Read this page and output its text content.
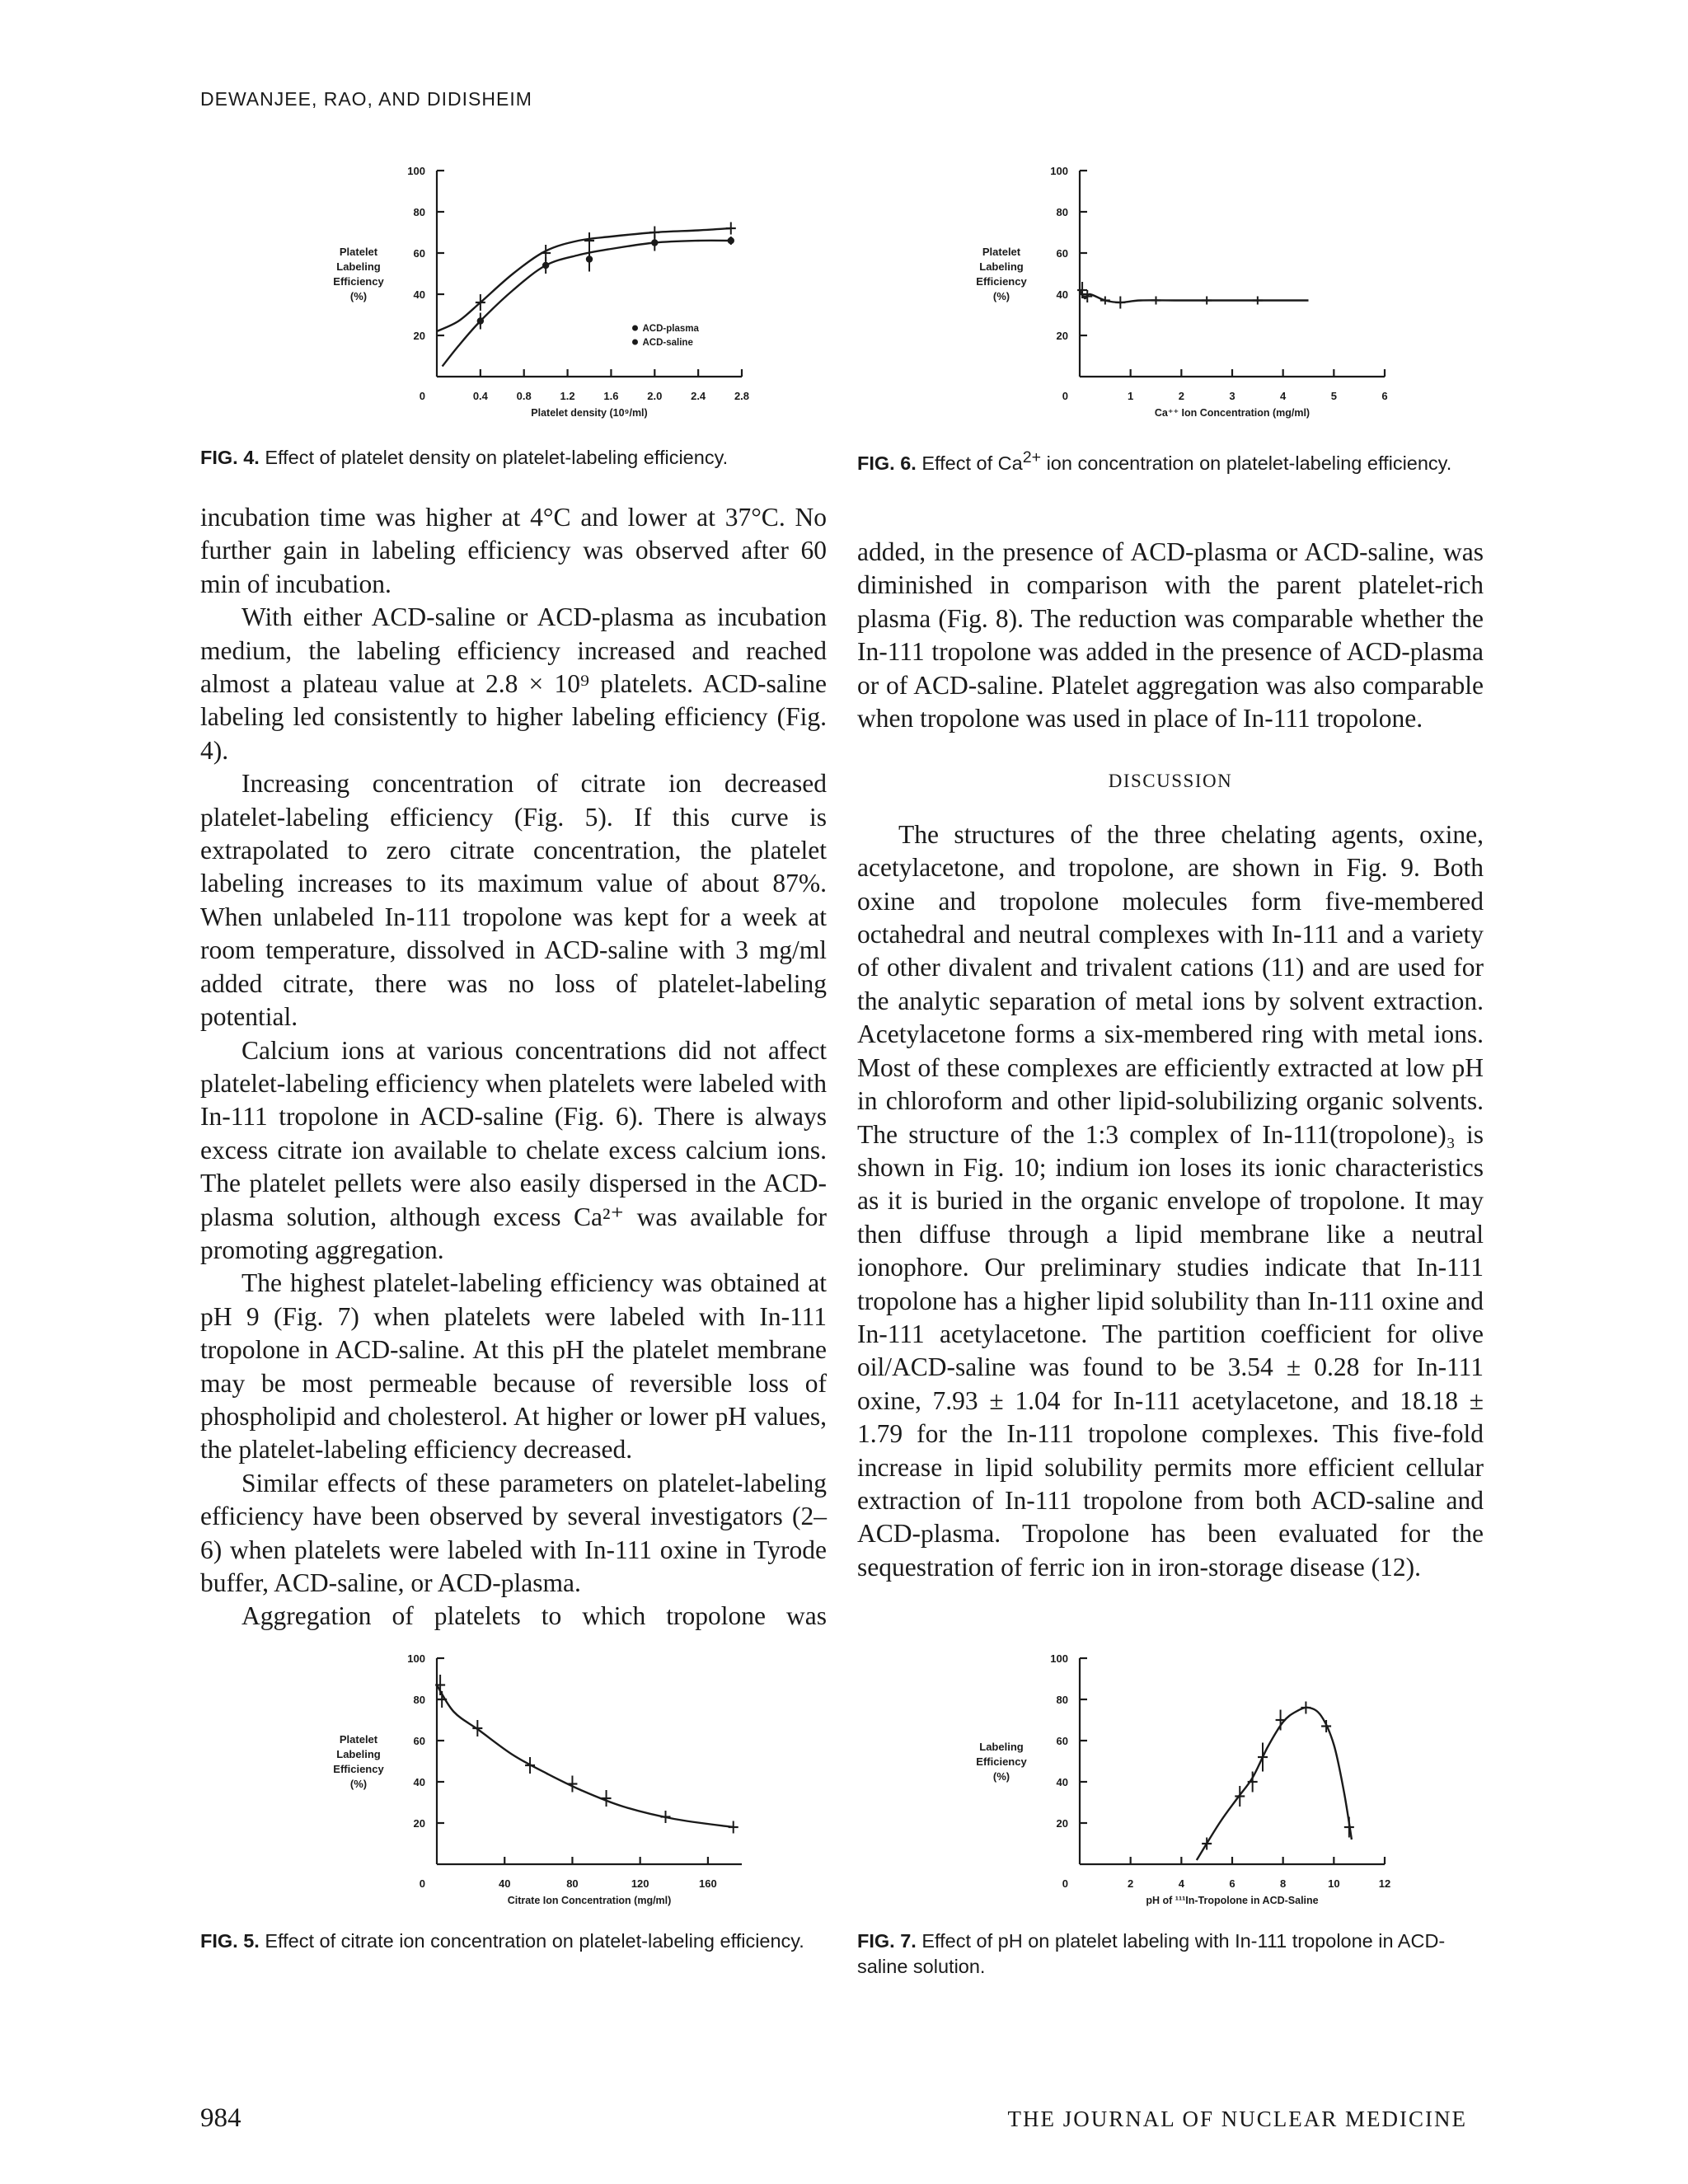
DEWANJEE, RAO, AND DIDISHEIM
20
40
60
80
100
0	0.4	0.8	1.2	1.6	2.0	2.4	2.8
Platelet density (10⁹/ml)
Platelet
Labeling
Efficiency
(%)
ACD-plasma
ACD-saline
FIG. 4. Effect of platelet density on platelet-labeling efficiency.
20
40
60
80
100
0	1	2	3	4	5	6
Ca⁺⁺ Ion Concentration (mg/ml)
Platelet
Labeling
Efficiency
(%)
FIG. 6. Effect of $Ca^{2+}$ ion concentration on platelet-labeling efficiency.

incubation time was higher at 4°C and lower at 37°C. No further gain in labeling efficiency was observed after 60 min of incubation.

With either ACD-saline or ACD-plasma as incubation medium, the labeling efficiency increased and reached almost a plateau value at 2.8 × 10⁹ platelets. ACD-saline labeling led consistently to higher labeling efficiency (Fig. 4).

Increasing concentration of citrate ion decreased platelet-labeling efficiency (Fig. 5). If this curve is extrapolated to zero citrate concentration, the platelet labeling increases to its maximum value of about 87%. When unlabeled In-111 tropolone was kept for a week at room temperature, dissolved in ACD-saline with 3 mg/ml added citrate, there was no loss of platelet-labeling potential.

Calcium ions at various concentrations did not affect platelet-labeling efficiency when platelets were labeled with In-111 tropolone in ACD-saline (Fig. 6). There is always excess citrate ion available to chelate excess calcium ions. The platelet pellets were also easily dispersed in the ACD-plasma solution, although excess Ca²⁺ was available for promoting aggregation.

The highest platelet-labeling efficiency was obtained at pH 9 (Fig. 7) when platelets were labeled with In-111 tropolone in ACD-saline. At this pH the platelet membrane may be most permeable because of reversible loss of phospholipid and cholesterol. At higher or lower pH values, the platelet-labeling efficiency decreased.

Similar effects of these parameters on platelet-labeling efficiency have been observed by several investigators (2–6) when platelets were labeled with In-111 oxine in Tyrode buffer, ACD-saline, or ACD-plasma.

Aggregation of platelets to which tropolone was

added, in the presence of ACD-plasma or ACD-saline, was diminished in comparison with the parent platelet-rich plasma (Fig. 8). The reduction was comparable whether the In-111 tropolone was added in the presence of ACD-plasma or of ACD-saline. Platelet aggregation was also comparable when tropolone was used in place of In-111 tropolone.

DISCUSSION

The structures of the three chelating agents, oxine, acetylacetone, and tropolone, are shown in Fig. 9. Both oxine and tropolone molecules form five-membered octahedral and neutral complexes with In-111 and a variety of other divalent and trivalent cations (11) and are used for the analytic separation of metal ions by solvent extraction. Acetylacetone forms a six-membered ring with metal ions. Most of these complexes are efficiently extracted at low pH in chloroform and other lipid-solubilizing organic solvents. The structure of the 1:3 complex of In-111(tropolone)₃ is shown in Fig. 10; indium ion loses its ionic characteristics as it is buried in the organic envelope of tropolone. It may then diffuse through a lipid membrane like a neutral ionophore. Our preliminary studies indicate that In-111 tropolone has a higher lipid solubility than In-111 oxine and In-111 acetylacetone. The partition coefficient for olive oil/ACD-saline was found to be 3.54 ± 0.28 for In-111 oxine, 7.93 ± 1.04 for In-111 acetylacetone, and 18.18 ± 1.79 for the In-111 tropolone complexes. This five-fold increase in lipid solubility permits more efficient cellular extraction of In-111 tropolone from both ACD-saline and ACD-plasma. Tropolone has been evaluated for the sequestration of ferric ion in iron-storage disease (12).

20
40
60
80
100
0	40	80	120	160
Citrate Ion Concentration (mg/ml)
Platelet
Labeling
Efficiency
(%)
FIG. 5. Effect of citrate ion concentration on platelet-labeling efficiency.
20
40
60
80
100
0	2	4	6	8	10	12
pH of ¹¹¹In-Tropolone in ACD-Saline
Labeling
Efficiency
(%)
FIG. 7. Effect of pH on platelet labeling with In-111 tropolone in ACD-saline solution.
984	THE JOURNAL OF NUCLEAR MEDICINE
